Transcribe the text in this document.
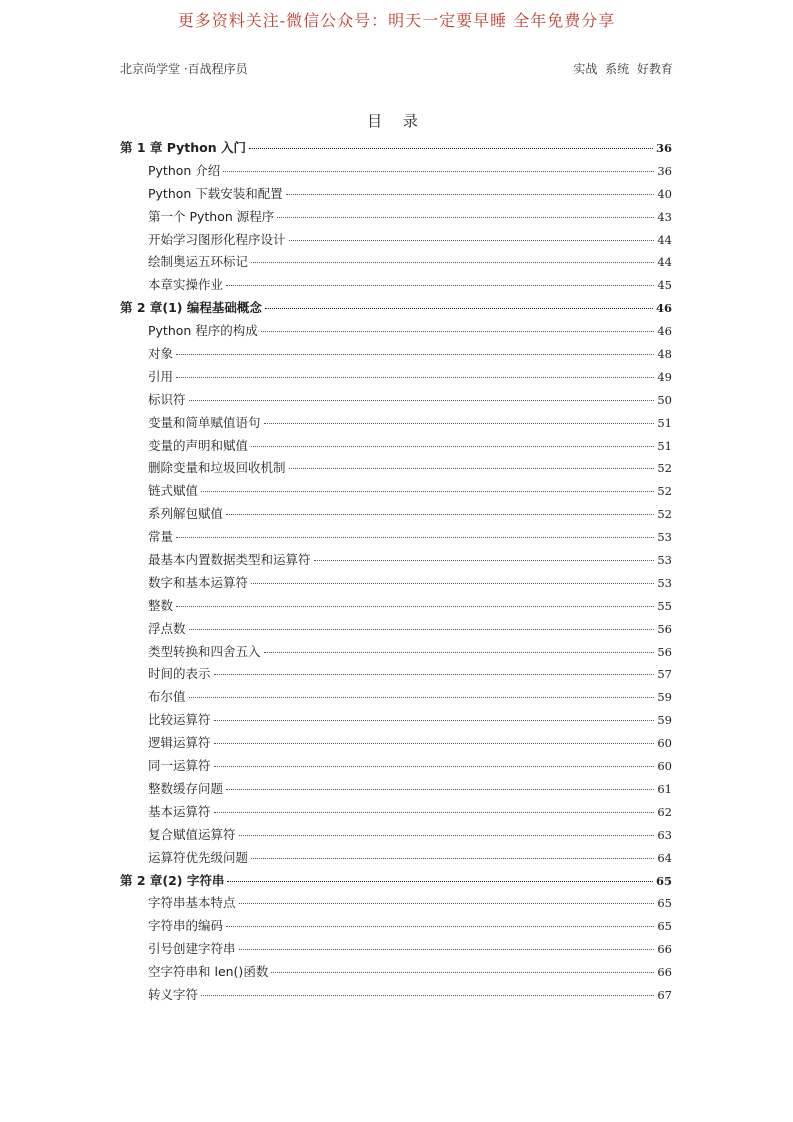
更多资料关注-微信公众号：明天一定要早睡 全年免费分享
北京尚学堂 ·百战程序员	实战 系统 好教育
目 录
第 1 章 Python 入门	36
Python 介绍	36
Python 下载安装和配置	40
第一个 Python 源程序	43
开始学习图形化程序设计	44
绘制奥运五环标记	44
本章实操作业	45
第 2 章(1) 编程基础概念	46
Python 程序的构成	46
对象	48
引用	49
标识符	50
变量和简单赋值语句	51
变量的声明和赋值	51
删除变量和垃圾回收机制	52
链式赋值	52
系列解包赋值	52
常量	53
最基本内置数据类型和运算符	53
数字和基本运算符	53
整数	55
浮点数	56
类型转换和四舍五入	56
时间的表示	57
布尔值	59
比较运算符	59
逻辑运算符	60
同一运算符	60
整数缓存问题	61
基本运算符	62
复合赋值运算符	63
运算符优先级问题	64
第 2 章(2) 字符串	65
字符串基本特点	65
字符串的编码	65
引号创建字符串	66
空字符串和 len()函数	66
转义字符	67
